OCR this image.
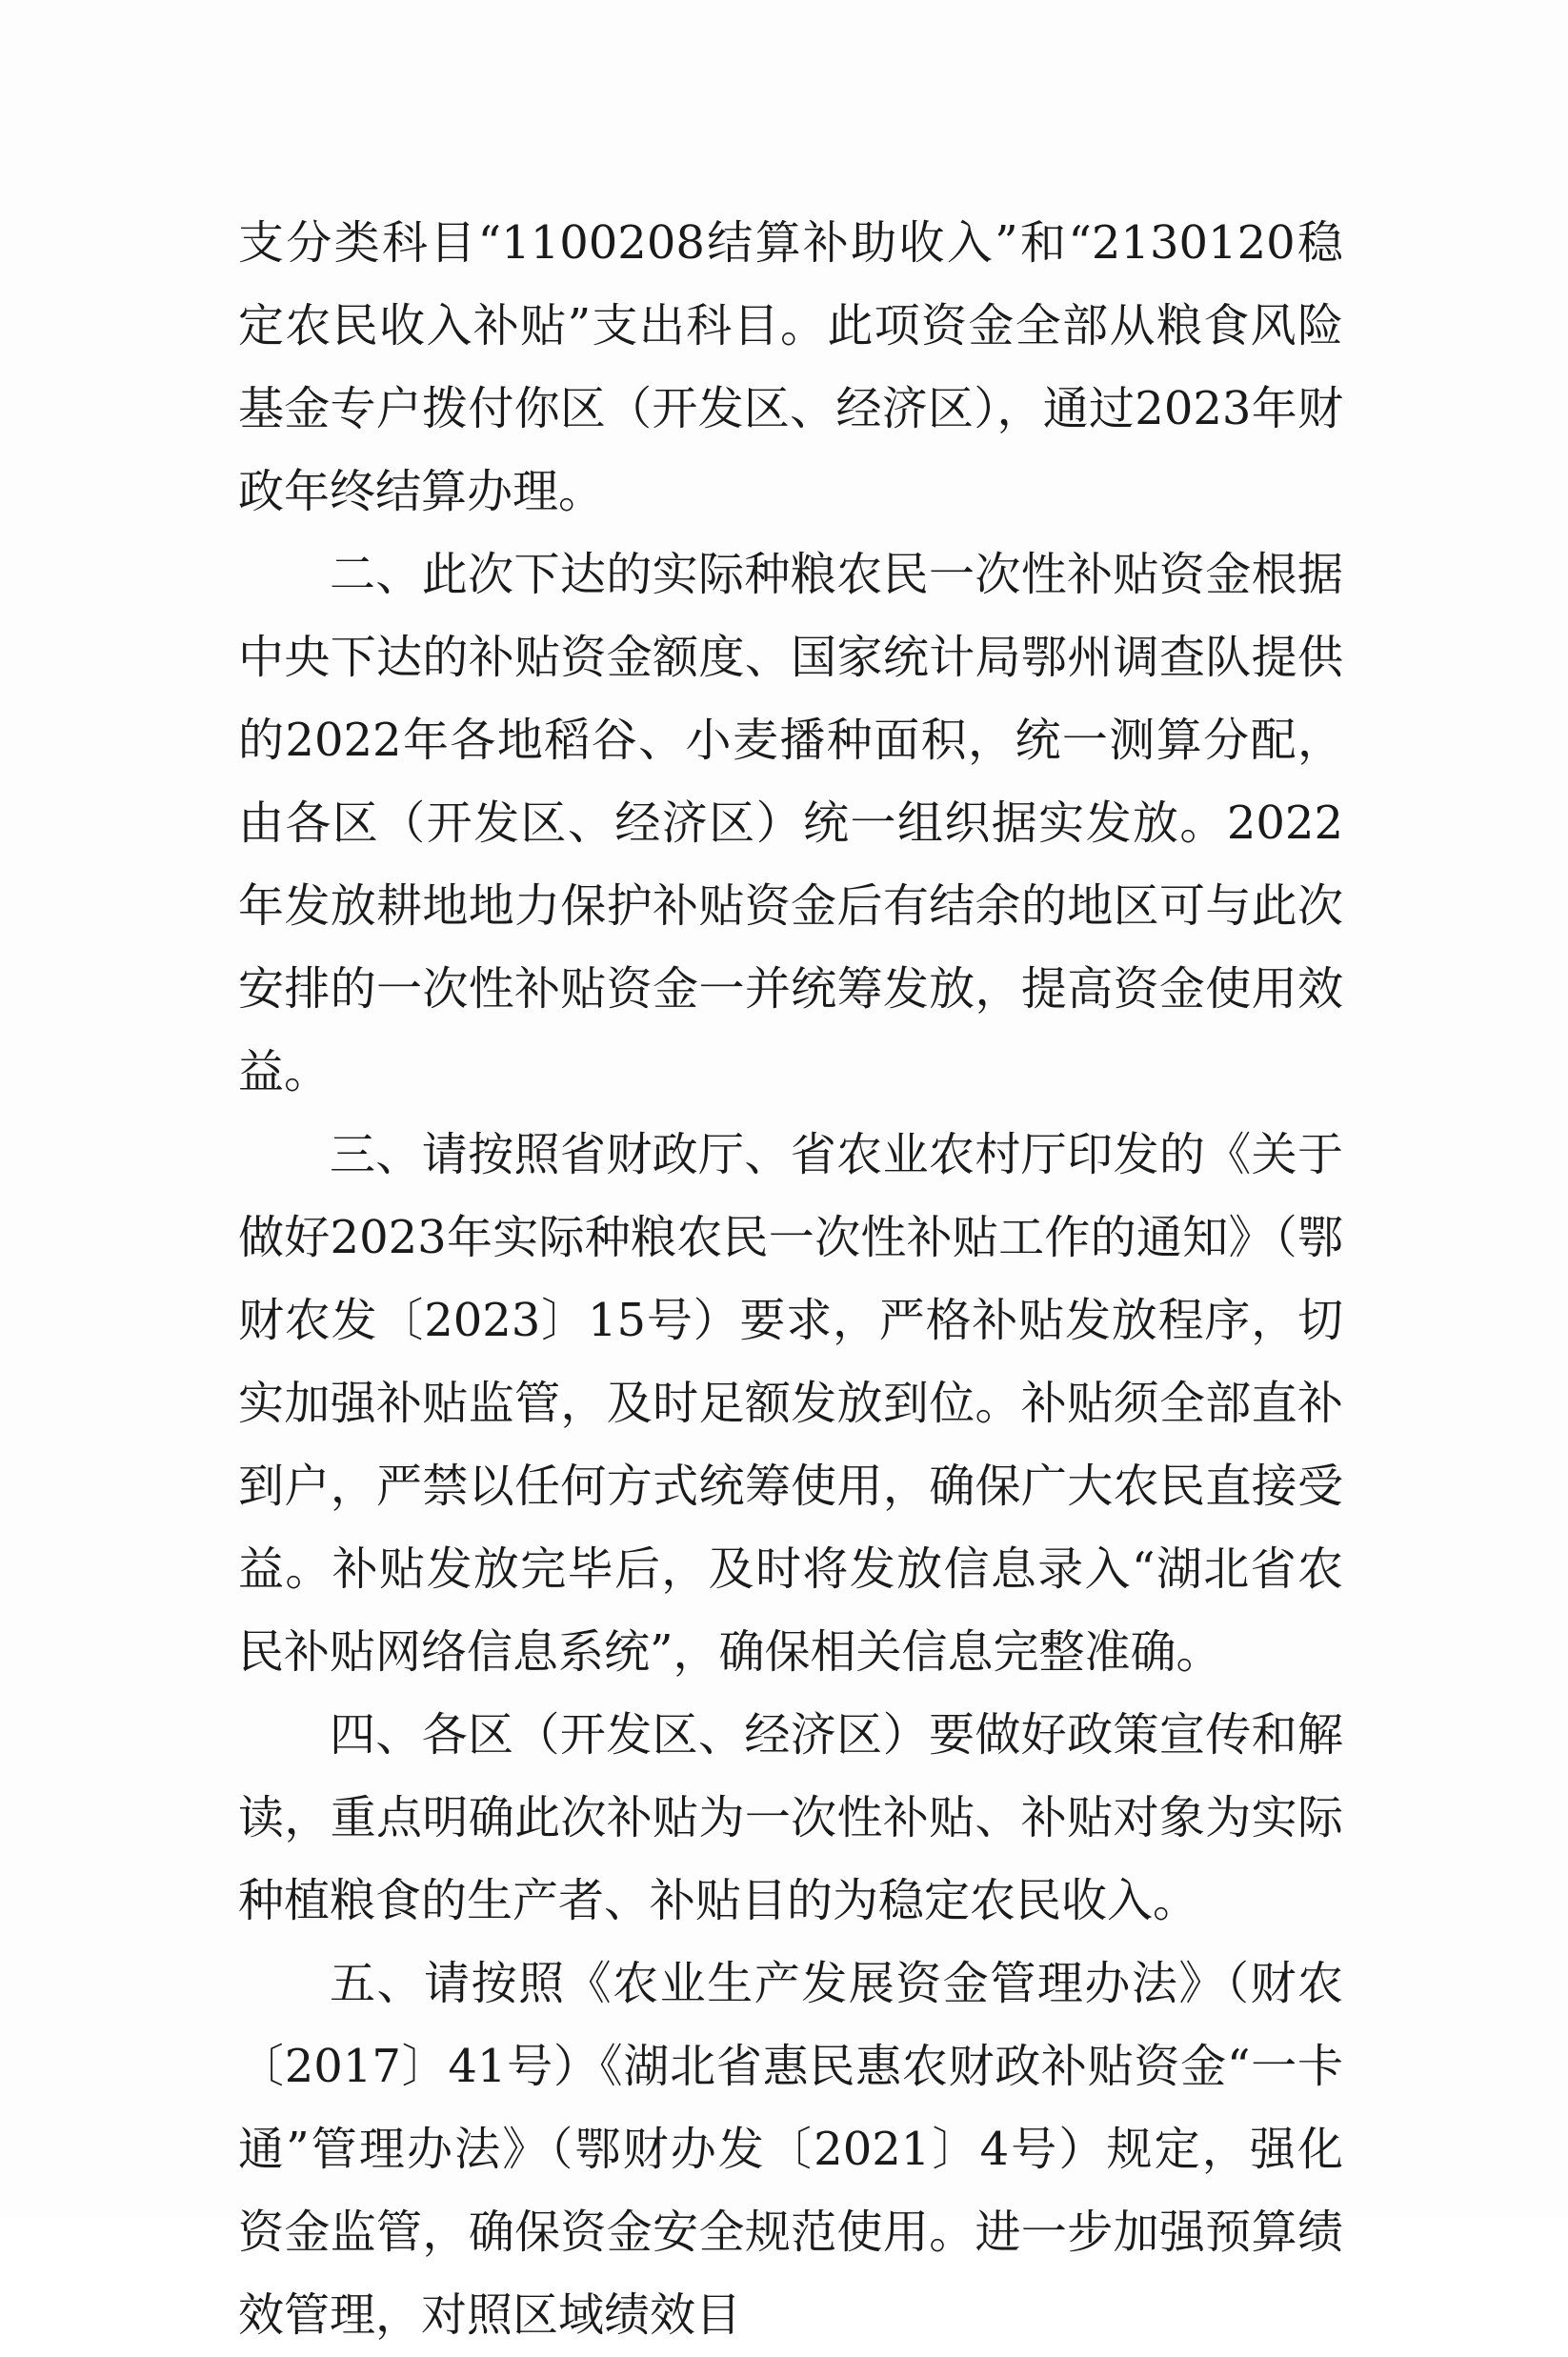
支分类科目“1100208结算补助收入”和“2130120稳定农民收入补贴”支出科目。此项资金全部从粮食风险基金专户拨付你区（开发区、经济区），通过2023年财政年终结算办理。

二、此次下达的实际种粮农民一次性补贴资金根据中央下达的补贴资金额度、国家统计局鄂州调查队提供的2022年各地稻谷、小麦播种面积，统一测算分配，由各区（开发区、经济区）统一组织据实发放。2022年发放耕地地力保护补贴资金后有结余的地区可与此次安排的一次性补贴资金一并统筹发放，提高资金使用效益。

三、请按照省财政厅、省农业农村厅印发的《关于做好2023年实际种粮农民一次性补贴工作的通知》（鄂财农发〔2023〕15号）要求，严格补贴发放程序，切实加强补贴监管，及时足额发放到位。补贴须全部直补到户，严禁以任何方式统筹使用，确保广大农民直接受益。补贴发放完毕后，及时将发放信息录入“湖北省农民补贴网络信息系统”，确保相关信息完整准确。

四、各区（开发区、经济区）要做好政策宣传和解读，重点明确此次补贴为一次性补贴、补贴对象为实际种植粮食的生产者、补贴目的为稳定农民收入。

五、请按照《农业生产发展资金管理办法》（财农〔2017〕41号）《湖北省惠民惠农财政补贴资金“一卡通”管理办法》（鄂财办发〔2021〕4号）规定，强化资金监管，确保资金安全规范使用。进一步加强预算绩效管理，对照区域绩效目
